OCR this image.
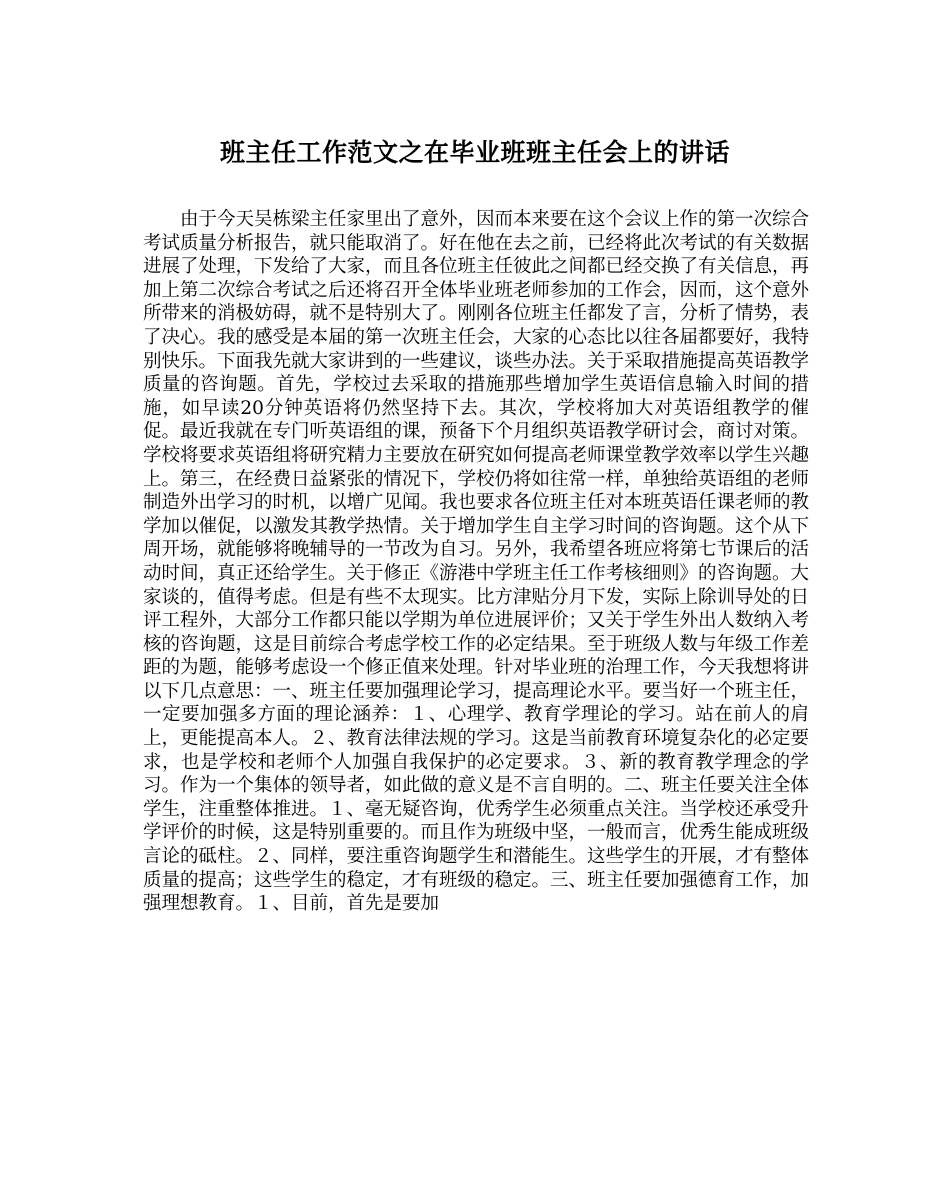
班主任工作范文之在毕业班班主任会上的讲话

由于今天吴栋梁主任家里出了意外，因而本来要在这个会议上作的第一次综合考试质量分析报告，就只能取消了。好在他在去之前，已经将此次考试的有关数据进展了处理，下发给了大家，而且各位班主任彼此之间都已经交换了有关信息，再加上第二次综合考试之后还将召开全体毕业班老师参加的工作会，因而，这个意外所带来的消极妨碍，就不是特别大了。刚刚各位班主任都发了言，分析了情势，表了决心。我的感受是本届的第一次班主任会，大家的心态比以往各届都要好，我特别快乐。下面我先就大家讲到的一些建议，谈些办法。关于采取措施提高英语教学质量的咨询题。首先，学校过去采取的措施那些增加学生英语信息输入时间的措施，如早读20分钟英语将仍然坚持下去。其次，学校将加大对英语组教学的催促。最近我就在专门听英语组的课，预备下个月组织英语教学研讨会，商讨对策。学校将要求英语组将研究精力主要放在研究如何提高老师课堂教学效率以学生兴趣上。第三，在经费日益紧张的情况下，学校仍将如往常一样，单独给英语组的老师制造外出学习的时机，以增广见闻。我也要求各位班主任对本班英语任课老师的教学加以催促，以激发其教学热情。关于增加学生自主学习时间的咨询题。这个从下周开场，就能够将晚辅导的一节改为自习。另外，我希望各班应将第七节课后的活动时间，真正还给学生。关于修正《游港中学班主任工作考核细则》的咨询题。大家谈的，值得考虑。但是有些不太现实。比方津贴分月下发，实际上除训导处的日评工程外，大部分工作都只能以学期为单位进展评价；又关于学生外出人数纳入考核的咨询题，这是目前综合考虑学校工作的必定结果。至于班级人数与年级工作差距的为题，能够考虑设一个修正值来处理。针对毕业班的治理工作，今天我想将讲以下几点意思：一、班主任要加强理论学习，提高理论水平。要当好一个班主任，一定要加强多方面的理论涵养：１、心理学、教育学理论的学习。站在前人的肩上，更能提高本人。２、教育法律法规的学习。这是当前教育环境复杂化的必定要求，也是学校和老师个人加强自我保护的必定要求。３、新的教育教学理念的学习。作为一个集体的领导者，如此做的意义是不言自明的。二、班主任要关注全体学生，注重整体推进。１、毫无疑咨询，优秀学生必须重点关注。当学校还承受升学评价的时候，这是特别重要的。而且作为班级中坚，一般而言，优秀生能成班级言论的砥柱。２、同样，要注重咨询题学生和潜能生。这些学生的开展，才有整体质量的提高；这些学生的稳定，才有班级的稳定。三、班主任要加强德育工作，加强理想教育。１、目前，首先是要加
